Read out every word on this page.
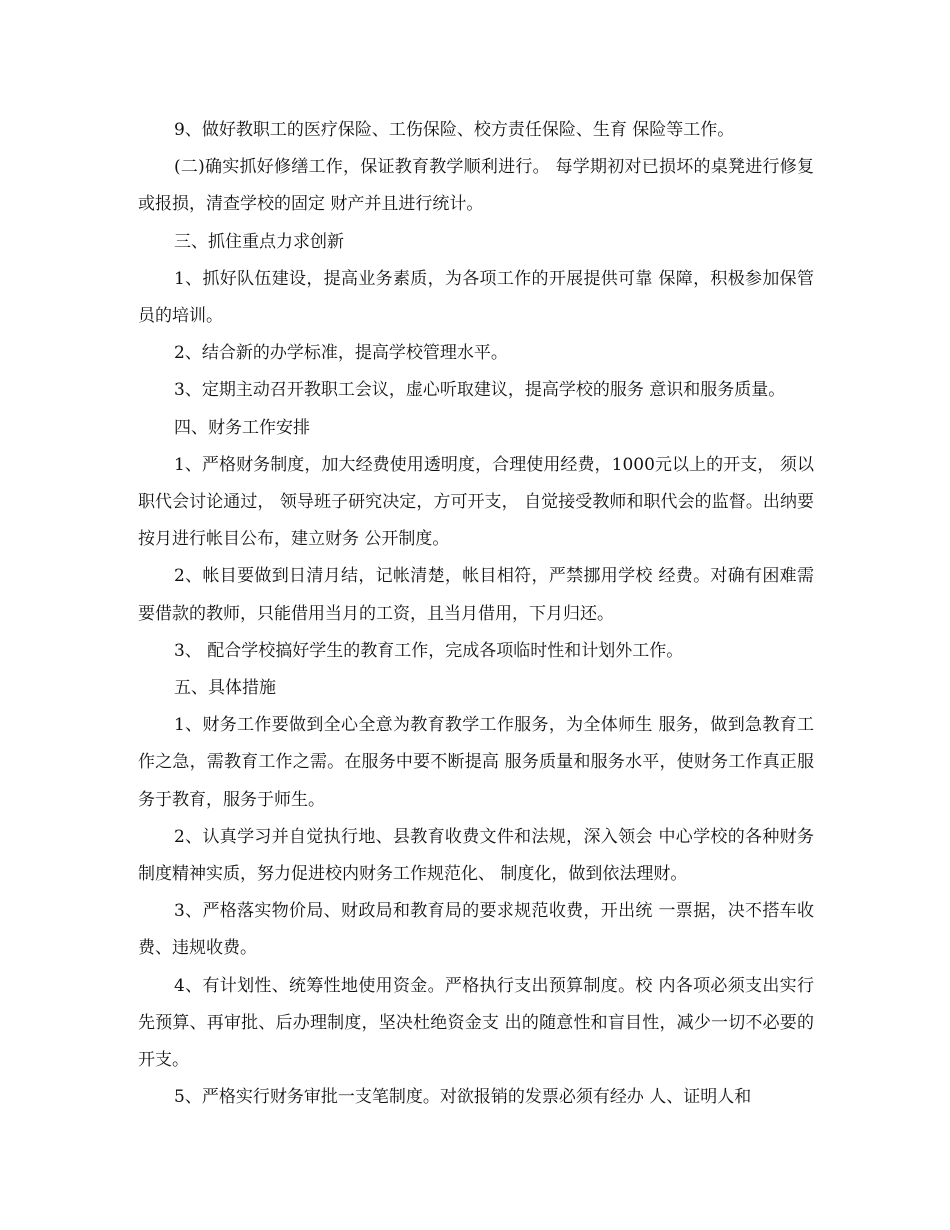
9、做好教职工的医疗保险、工伤保险、校方责任保险、生育 保险等工作。

(二)确实抓好修缮工作，保证教育教学顺利进行。 每学期初对已损坏的桌凳进行修复或报损，清查学校的固定 财产并且进行统计。

三、抓住重点力求创新

1、抓好队伍建设，提高业务素质，为各项工作的开展提供可靠 保障，积极参加保管员的培训。

2、结合新的办学标准，提高学校管理水平。

3、定期主动召开教职工会议，虚心听取建议，提高学校的服务 意识和服务质量。

四、财务工作安排

1、严格财务制度，加大经费使用透明度，合理使用经费，1000元以上的开支， 须以职代会讨论通过， 领导班子研究决定，方可开支， 自觉接受教师和职代会的监督。出纳要按月进行帐目公布，建立财务 公开制度。

2、帐目要做到日清月结，记帐清楚，帐目相符，严禁挪用学校 经费。对确有困难需要借款的教师，只能借用当月的工资，且当月借用，下月归还。

3、 配合学校搞好学生的教育工作，完成各项临时性和计划外工作。

五、具体措施

1、财务工作要做到全心全意为教育教学工作服务，为全体师生 服务，做到急教育工作之急，需教育工作之需。在服务中要不断提高 服务质量和服务水平，使财务工作真正服务于教育，服务于师生。

2、认真学习并自觉执行地、县教育收费文件和法规，深入领会 中心学校的各种财务制度精神实质，努力促进校内财务工作规范化、 制度化，做到依法理财。

3、严格落实物价局、财政局和教育局的要求规范收费，开出统 一票据，决不搭车收费、违规收费。

4、有计划性、统筹性地使用资金。严格执行支出预算制度。校 内各项必须支出实行先预算、再审批、后办理制度，坚决杜绝资金支 出的随意性和盲目性，减少一切不必要的开支。

5、严格实行财务审批一支笔制度。对欲报销的发票必须有经办 人、证明人和
